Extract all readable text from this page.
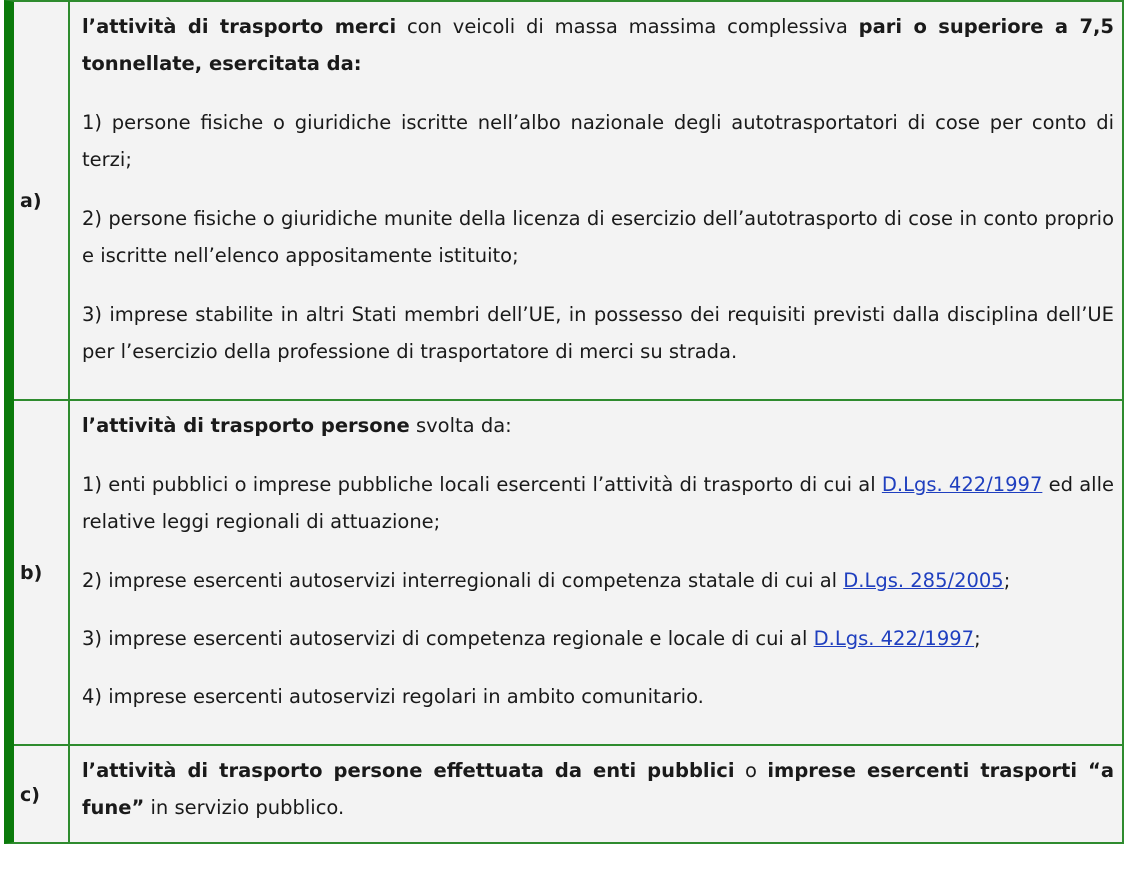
a)

l’attività di trasporto merci con veicoli di massa massima complessiva pari o superiore a 7,5 tonnellate, esercitata da:

1) persone fisiche o giuridiche iscritte nell’albo nazionale degli autotrasportatori di cose per conto di terzi;

2) persone fisiche o giuridiche munite della licenza di esercizio dell’autotrasporto di cose in conto proprio e iscritte nell’elenco appositamente istituito;

3) imprese stabilite in altri Stati membri dell’UE, in possesso dei requisiti previsti dalla disciplina dell’UE per l’esercizio della professione di trasportatore di merci su strada.

b)

l’attività di trasporto persone svolta da:

1) enti pubblici o imprese pubbliche locali esercenti l’attività di trasporto di cui al D.Lgs. 422/1997 ed alle relative leggi regionali di attuazione;

2) imprese esercenti autoservizi interregionali di competenza statale di cui al D.Lgs. 285/2005;

3) imprese esercenti autoservizi di competenza regionale e locale di cui al D.Lgs. 422/1997;

4) imprese esercenti autoservizi regolari in ambito comunitario.

c)

l’attività di trasporto persone effettuata da enti pubblici o imprese esercenti trasporti “a fune” in servizio pubblico.
